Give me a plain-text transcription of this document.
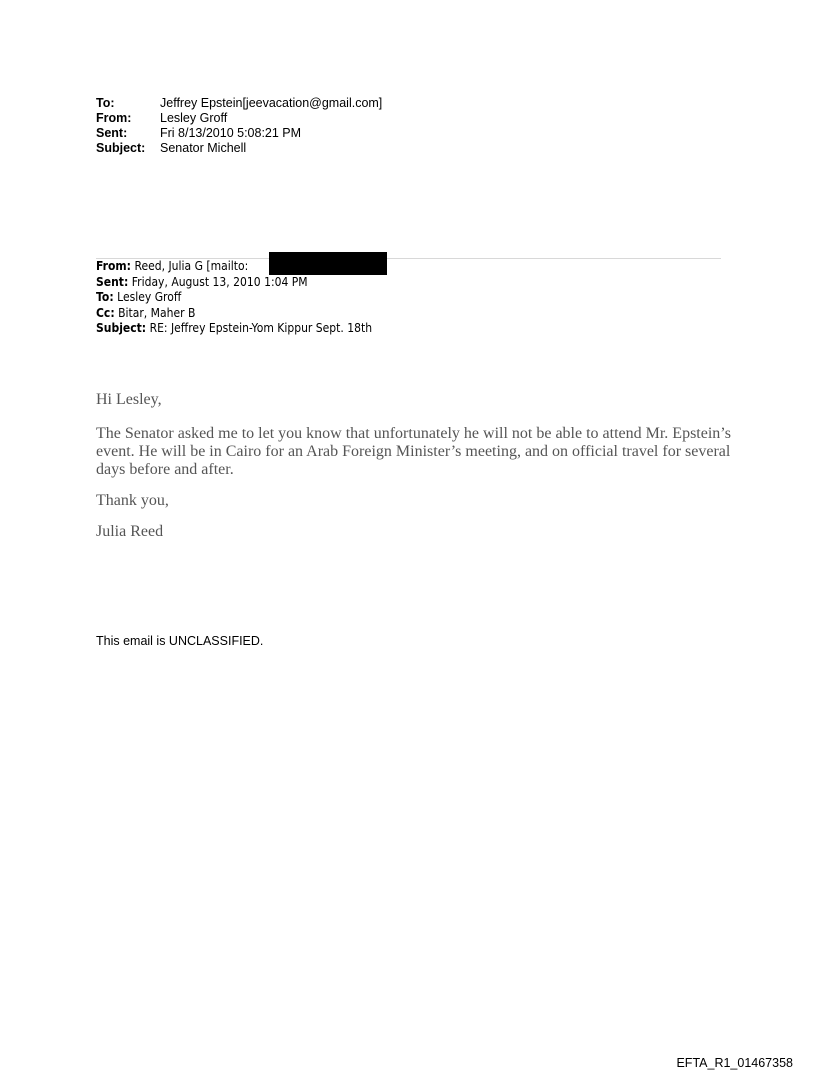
To:	Jeffrey Epstein[jeevacation@gmail.com]
From:	Lesley Groff
Sent:	Fri 8/13/2010 5:08:21 PM
Subject:	Senator Michell
From: Reed, Julia G [mailto:
Sent: Friday, August 13, 2010 1:04 PM
To: Lesley Groff
Cc: Bitar, Maher B
Subject: RE: Jeffrey Epstein-Yom Kippur Sept. 18th

Hi Lesley,

The Senator asked me to let you know that unfortunately he will not be able to attend Mr. Epstein’s event. He will be in Cairo for an Arab Foreign Minister’s meeting, and on official travel for several days before and after.

Thank you,

Julia Reed

This email is UNCLASSIFIED.
EFTA_R1_01467358
